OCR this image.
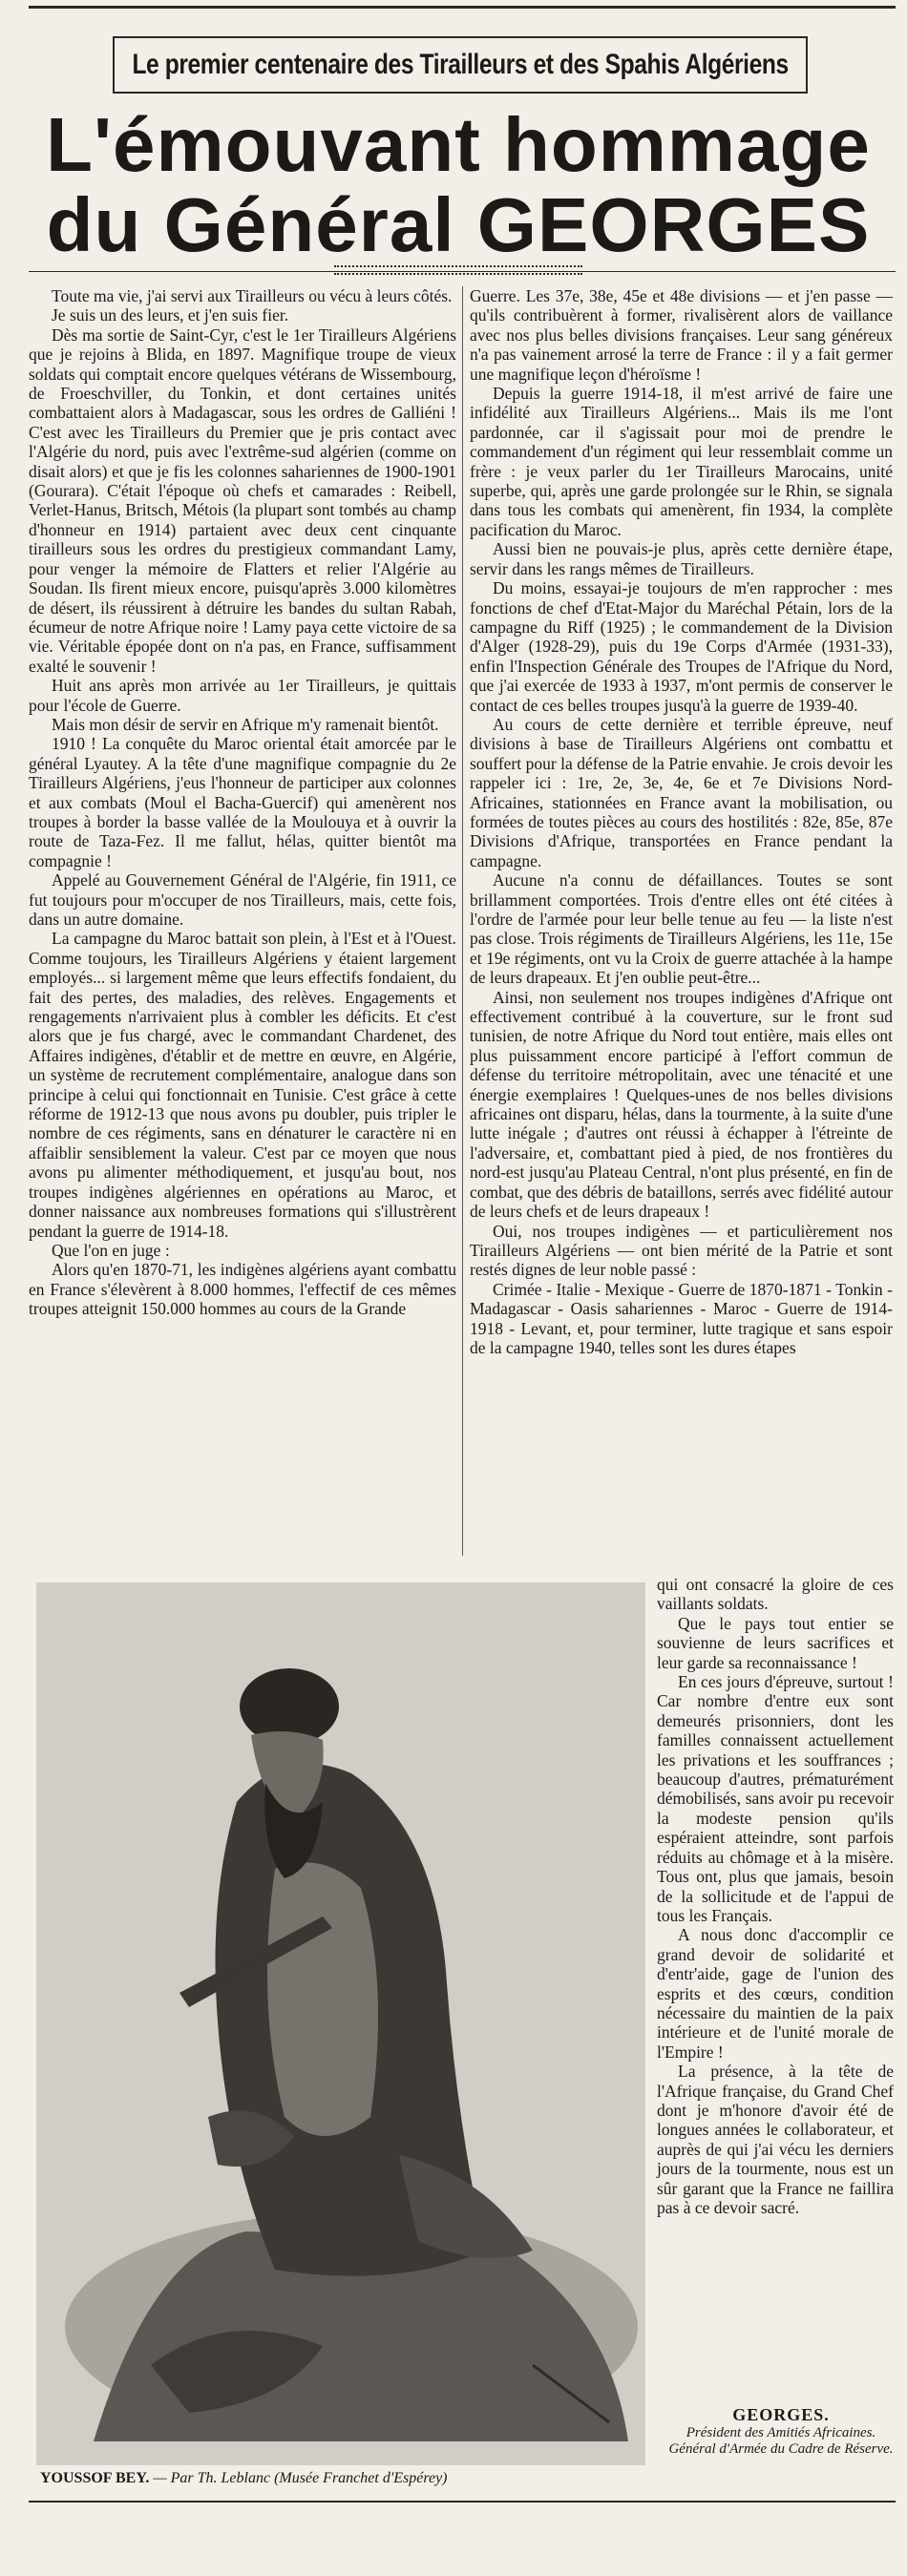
Le premier centenaire des Tirailleurs et des Spahis Algériens
L'émouvant hommage
du Général GEORGES

Toute ma vie, j'ai servi aux Tirailleurs ou vécu à leurs côtés.

Je suis un des leurs, et j'en suis fier.

Dès ma sortie de Saint-Cyr, c'est le 1er Tirailleurs Algériens que je rejoins à Blida, en 1897. Magnifique troupe de vieux soldats qui comptait encore quelques vétérans de Wissembourg, de Froeschviller, du Tonkin, et dont certaines unités combattaient alors à Madagascar, sous les ordres de Galliéni ! C'est avec les Tirailleurs du Premier que je pris contact avec l'Algérie du nord, puis avec l'extrême-sud algérien (comme on disait alors) et que je fis les colonnes sahariennes de 1900-1901 (Gourara). C'était l'époque où chefs et camarades : Reibell, Verlet-Hanus, Britsch, Métois (la plupart sont tombés au champ d'honneur en 1914) partaient avec deux cent cinquante tirailleurs sous les ordres du prestigieux commandant Lamy, pour venger la mémoire de Flatters et relier l'Algérie au Soudan. Ils firent mieux encore, puisqu'après 3.000 kilomètres de désert, ils réussirent à détruire les bandes du sultan Rabah, écumeur de notre Afrique noire ! Lamy paya cette victoire de sa vie. Véritable épopée dont on n'a pas, en France, suffisamment exalté le souvenir !

Huit ans après mon arrivée au 1er Tirailleurs, je quittais pour l'école de Guerre.

Mais mon désir de servir en Afrique m'y ramenait bientôt.

1910 ! La conquête du Maroc oriental était amorcée par le général Lyautey. A la tête d'une magnifique compagnie du 2e Tirailleurs Algériens, j'eus l'honneur de participer aux colonnes et aux combats (Moul el Bacha-Guercif) qui amenèrent nos troupes à border la basse vallée de la Moulouya et à ouvrir la route de Taza-Fez. Il me fallut, hélas, quitter bientôt ma compagnie !

Appelé au Gouvernement Général de l'Algérie, fin 1911, ce fut toujours pour m'occuper de nos Tirailleurs, mais, cette fois, dans un autre domaine.

La campagne du Maroc battait son plein, à l'Est et à l'Ouest. Comme toujours, les Tirailleurs Algériens y étaient largement employés... si largement même que leurs effectifs fondaient, du fait des pertes, des maladies, des relèves. Engagements et rengagements n'arrivaient plus à combler les déficits. Et c'est alors que je fus chargé, avec le commandant Chardenet, des Affaires indigènes, d'établir et de mettre en œuvre, en Algérie, un système de recrutement complémentaire, analogue dans son principe à celui qui fonctionnait en Tunisie. C'est grâce à cette réforme de 1912-13 que nous avons pu doubler, puis tripler le nombre de ces régiments, sans en dénaturer le caractère ni en affaiblir sensiblement la valeur. C'est par ce moyen que nous avons pu alimenter méthodiquement, et jusqu'au bout, nos troupes indigènes algériennes en opérations au Maroc, et donner naissance aux nombreuses formations qui s'illustrèrent pendant la guerre de 1914-18.

Que l'on en juge :

Alors qu'en 1870-71, les indigènes algériens ayant combattu en France s'élevèrent à 8.000 hommes, l'effectif de ces mêmes troupes atteignit 150.000 hommes au cours de la Grande

Guerre. Les 37e, 38e, 45e et 48e divisions — et j'en passe — qu'ils contribuèrent à former, rivalisèrent alors de vaillance avec nos plus belles divisions françaises. Leur sang généreux n'a pas vainement arrosé la terre de France : il y a fait germer une magnifique leçon d'héroïsme !

Depuis la guerre 1914-18, il m'est arrivé de faire une infidélité aux Tirailleurs Algériens... Mais ils me l'ont pardonnée, car il s'agissait pour moi de prendre le commandement d'un régiment qui leur ressemblait comme un frère : je veux parler du 1er Tirailleurs Marocains, unité superbe, qui, après une garde prolongée sur le Rhin, se signala dans tous les combats qui amenèrent, fin 1934, la complète pacification du Maroc.

Aussi bien ne pouvais-je plus, après cette dernière étape, servir dans les rangs mêmes de Tirailleurs.

Du moins, essayai-je toujours de m'en rapprocher : mes fonctions de chef d'Etat-Major du Maréchal Pétain, lors de la campagne du Riff (1925) ; le commandement de la Division d'Alger (1928-29), puis du 19e Corps d'Armée (1931-33), enfin l'Inspection Générale des Troupes de l'Afrique du Nord, que j'ai exercée de 1933 à 1937, m'ont permis de conserver le contact de ces belles troupes jusqu'à la guerre de 1939-40.

Au cours de cette dernière et terrible épreuve, neuf divisions à base de Tirailleurs Algériens ont combattu et souffert pour la défense de la Patrie envahie. Je crois devoir les rappeler ici : 1re, 2e, 3e, 4e, 6e et 7e Divisions Nord-Africaines, stationnées en France avant la mobilisation, ou formées de toutes pièces au cours des hostilités : 82e, 85e, 87e Divisions d'Afrique, transportées en France pendant la campagne.

Aucune n'a connu de défaillances. Toutes se sont brillamment comportées. Trois d'entre elles ont été citées à l'ordre de l'armée pour leur belle tenue au feu — la liste n'est pas close. Trois régiments de Tirailleurs Algériens, les 11e, 15e et 19e régiments, ont vu la Croix de guerre attachée à la hampe de leurs drapeaux. Et j'en oublie peut-être...

Ainsi, non seulement nos troupes indigènes d'Afrique ont effectivement contribué à la couverture, sur le front sud tunisien, de notre Afrique du Nord tout entière, mais elles ont plus puissamment encore participé à l'effort commun de défense du territoire métropolitain, avec une ténacité et une énergie exemplaires ! Quelques-unes de nos belles divisions africaines ont disparu, hélas, dans la tourmente, à la suite d'une lutte inégale ; d'autres ont réussi à échapper à l'étreinte de l'adversaire, et, combattant pied à pied, de nos frontières du nord-est jusqu'au Plateau Central, n'ont plus présenté, en fin de combat, que des débris de bataillons, serrés avec fidélité autour de leurs chefs et de leurs drapeaux !

Oui, nos troupes indigènes — et particulièrement nos Tirailleurs Algériens — ont bien mérité de la Patrie et sont restés dignes de leur noble passé :

Crimée - Italie - Mexique - Guerre de 1870-1871 - Tonkin - Madagascar - Oasis sahariennes - Maroc - Guerre de 1914-1918 - Levant, et, pour terminer, lutte tragique et sans espoir de la campagne 1940, telles sont les dures étapes

YOUSSOF BEY. — Par Th. Leblanc (Musée Franchet d'Espérey)

qui ont consacré la gloire de ces vaillants soldats.

Que le pays tout entier se souvienne de leurs sacrifices et leur garde sa reconnaissance !

En ces jours d'épreuve, surtout ! Car nombre d'entre eux sont demeurés prisonniers, dont les familles connaissent actuellement les privations et les souffrances ; beaucoup d'autres, prématurément démobilisés, sans avoir pu recevoir la modeste pension qu'ils espéraient atteindre, sont parfois réduits au chômage et à la misère. Tous ont, plus que jamais, besoin de la sollicitude et de l'appui de tous les Français.

A nous donc d'accomplir ce grand devoir de solidarité et d'entr'aide, gage de l'union des esprits et des cœurs, condition nécessaire du maintien de la paix intérieure et de l'unité morale de l'Empire !

La présence, à la tête de l'Afrique française, du Grand Chef dont je m'honore d'avoir été de longues années le collaborateur, et auprès de qui j'ai vécu les derniers jours de la tourmente, nous est un sûr garant que la France ne faillira pas à ce devoir sacré.

GEORGES.
Président des Amitiés Africaines.
Général d'Armée du Cadre de Réserve.
